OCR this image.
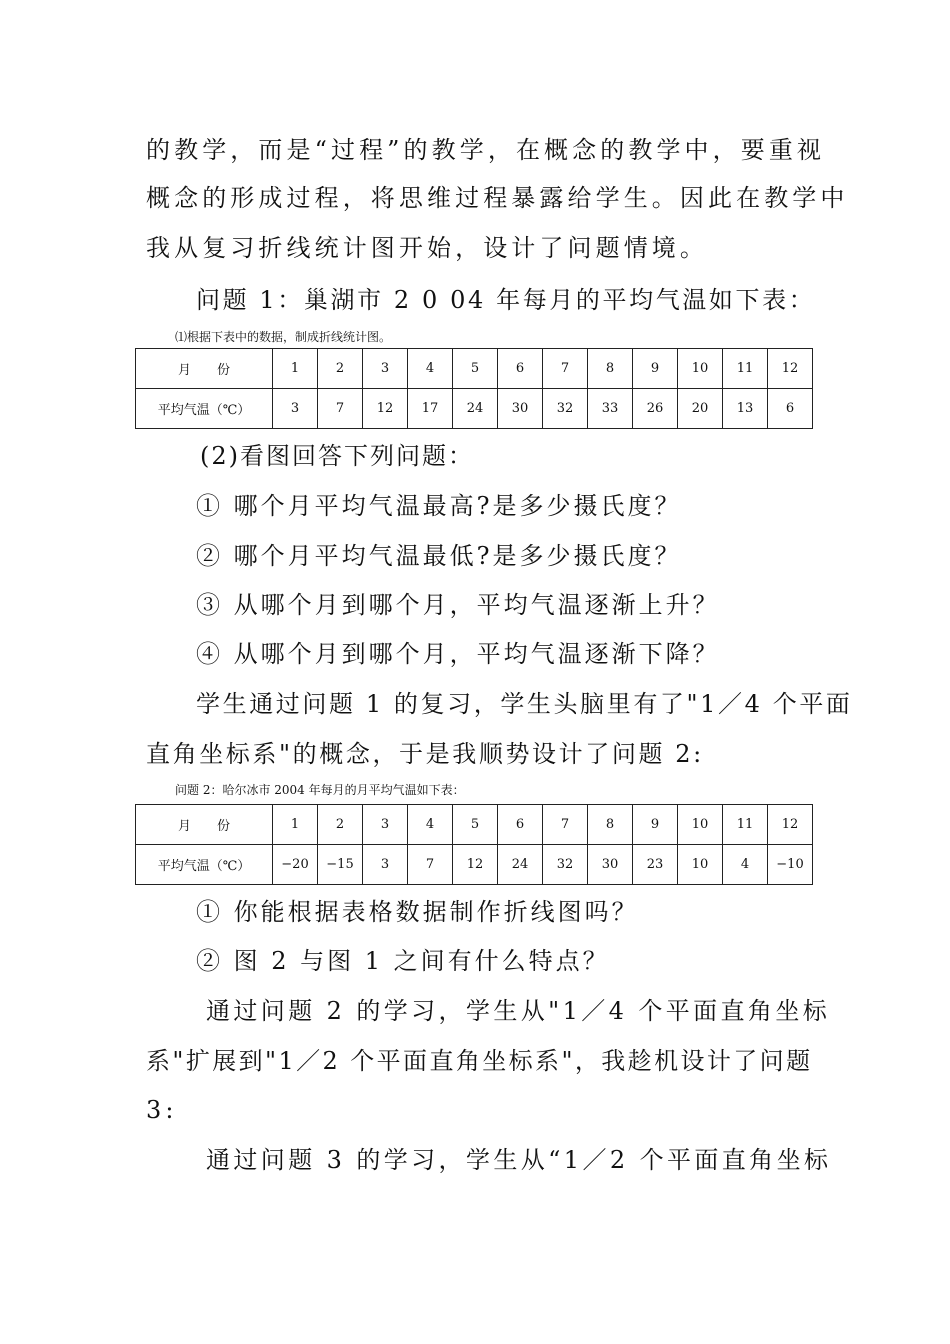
的教学，而是“过程”的教学，在概念的教学中，要重视
概念的形成过程，将思维过程暴露给学生。因此在教学中
我从复习折线统计图开始，设计了问题情境。
问题 1：巢湖市 2 0 04 年每月的平均气温如下表：
⑴根据下表中的数据，制成折线统计图。
月 份	1	2	3	4	5	6	7	8	9	10	11	12
平均气温（℃）	3	7	12	17	24	30	32	33	26	20	13	6
(2)看图回答下列问题：
① 哪个月平均气温最高?是多少摄氏度？
② 哪个月平均气温最低?是多少摄氏度？
③ 从哪个月到哪个月，平均气温逐渐上升？
④ 从哪个月到哪个月，平均气温逐渐下降？
学生通过问题 1 的复习，学生头脑里有了"1／4 个平面
直角坐标系"的概念，于是我顺势设计了问题 2:
问题 2：哈尔冰市 2004 年每月的月平均气温如下表：
月 份	1	2	3	4	5	6	7	8	9	10	11	12
平均气温（℃）	−20	−15	3	7	12	24	32	30	23	10	4	−10
① 你能根据表格数据制作折线图吗？
② 图 2 与图 1 之间有什么特点？
通过问题 2 的学习，学生从"1／4 个平面直角坐标
系"扩展到"1／2 个平面直角坐标系"，我趁机设计了问题
3:
通过问题 3 的学习，学生从“1／2 个平面直角坐标
